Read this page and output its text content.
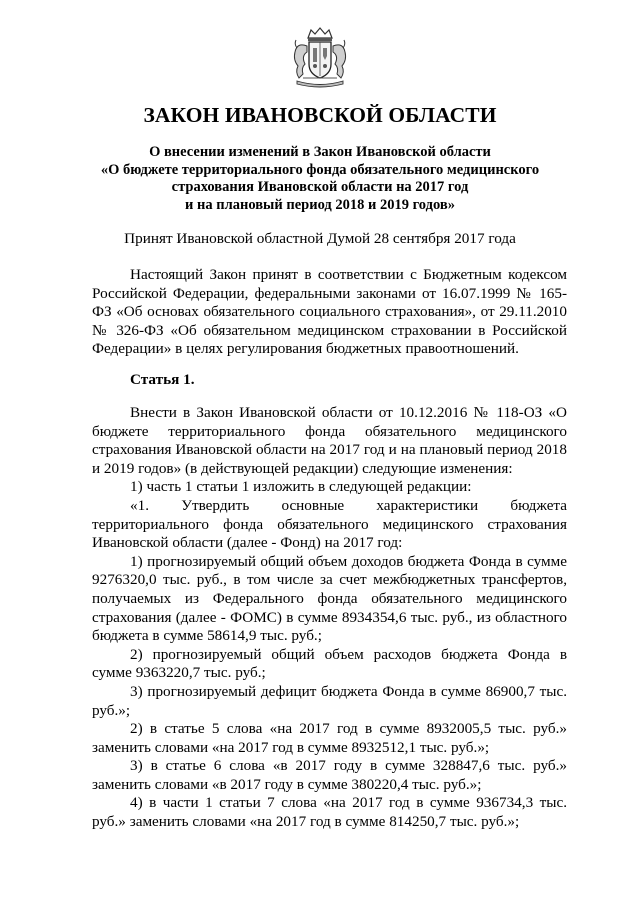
ЗАКОН ИВАНОВСКОЙ ОБЛАСТИ
О внесении изменений в Закон Ивановской области
«О бюджете территориального фонда обязательного медицинского
страхования Ивановской области на 2017 год
и на плановый период 2018 и 2019 годов»
Принят Ивановской областной Думой 28 сентября 2017 года

Настоящий Закон принят в соответствии с Бюджетным кодексом Российской Федерации, федеральными законами от 16.07.1999 № 165-ФЗ «Об основах обязательного социального страхования», от 29.11.2010 № 326-ФЗ «Об обязательном медицинском страховании в Российской Федерации» в целях регулирования бюджетных правоотношений.

Статья 1.

Внести в Закон Ивановской области от 10.12.2016 № 118-ОЗ «О бюджете территориального фонда обязательного медицинского страхования Ивановской области на 2017 год и на плановый период 2018 и 2019 годов» (в действующей редакции) следующие изменения:

1) часть 1 статьи 1 изложить в следующей редакции:

«1. Утвердить основные характеристики бюджета территориального фонда обязательного медицинского страхования Ивановской области (далее - Фонд) на 2017 год:

1) прогнозируемый общий объем доходов бюджета Фонда в сумме 9276320,0 тыс. руб., в том числе за счет межбюджетных трансфертов, получаемых из Федерального фонда обязательного медицинского страхования (далее - ФОМС) в сумме 8934354,6 тыс. руб., из областного бюджета в сумме 58614,9 тыс. руб.;

2) прогнозируемый общий объем расходов бюджета Фонда в сумме 9363220,7 тыс. руб.;

3) прогнозируемый дефицит бюджета Фонда в сумме 86900,7 тыс. руб.»;

2) в статье 5 слова «на 2017 год в сумме 8932005,5 тыс. руб.» заменить словами «на 2017 год в сумме 8932512,1 тыс. руб.»;

3) в статье 6 слова «в 2017 году в сумме 328847,6 тыс. руб.» заменить словами «в 2017 году в сумме 380220,4 тыс. руб.»;

4) в части 1 статьи 7 слова «на 2017 год в сумме 936734,3 тыс. руб.» заменить словами «на 2017 год в сумме 814250,7 тыс. руб.»;
